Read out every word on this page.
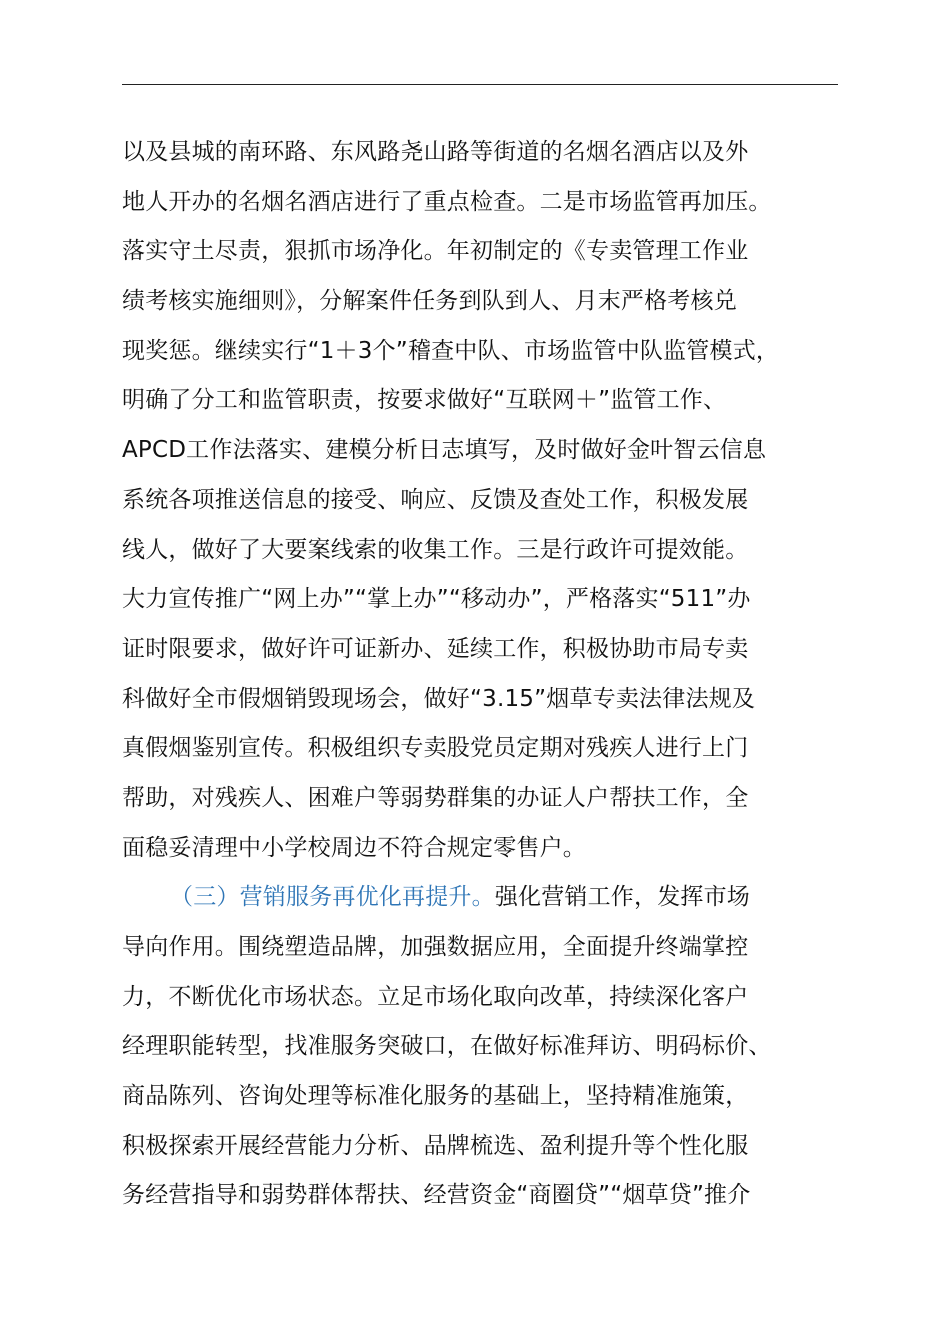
以及县城的南环路、东风路尧山路等街道的名烟名酒店以及外
地人开办的名烟名酒店进行了重点检查。二是市场监管再加压。
落实守土尽责，狠抓市场净化。年初制定的《专卖管理工作业
绩考核实施细则》，分解案件任务到队到人、月末严格考核兑
现奖惩。继续实行“1＋3个”稽查中队、市场监管中队监管模式，
明确了分工和监管职责，按要求做好“互联网＋”监管工作、
APCD工作法落实、建模分析日志填写，及时做好金叶智云信息
系统各项推送信息的接受、响应、反馈及查处工作，积极发展
线人，做好了大要案线索的收集工作。三是行政许可提效能。
大力宣传推广“网上办”“掌上办”“移动办”，严格落实“511”办
证时限要求，做好许可证新办、延续工作，积极协助市局专卖
科做好全市假烟销毁现场会，做好“3.15”烟草专卖法律法规及
真假烟鉴别宣传。积极组织专卖股党员定期对残疾人进行上门
帮助，对残疾人、困难户等弱势群集的办证人户帮扶工作，全
面稳妥清理中小学校周边不符合规定零售户。
（三）营销服务再优化再提升。强化营销工作，发挥市场
导向作用。围绕塑造品牌，加强数据应用，全面提升终端掌控
力，不断优化市场状态。立足市场化取向改革，持续深化客户
经理职能转型，找准服务突破口，在做好标准拜访、明码标价、
商品陈列、咨询处理等标准化服务的基础上，坚持精准施策，
积极探索开展经营能力分析、品牌梳选、盈利提升等个性化服
务经营指导和弱势群体帮扶、经营资金“商圈贷”“烟草贷”推介
